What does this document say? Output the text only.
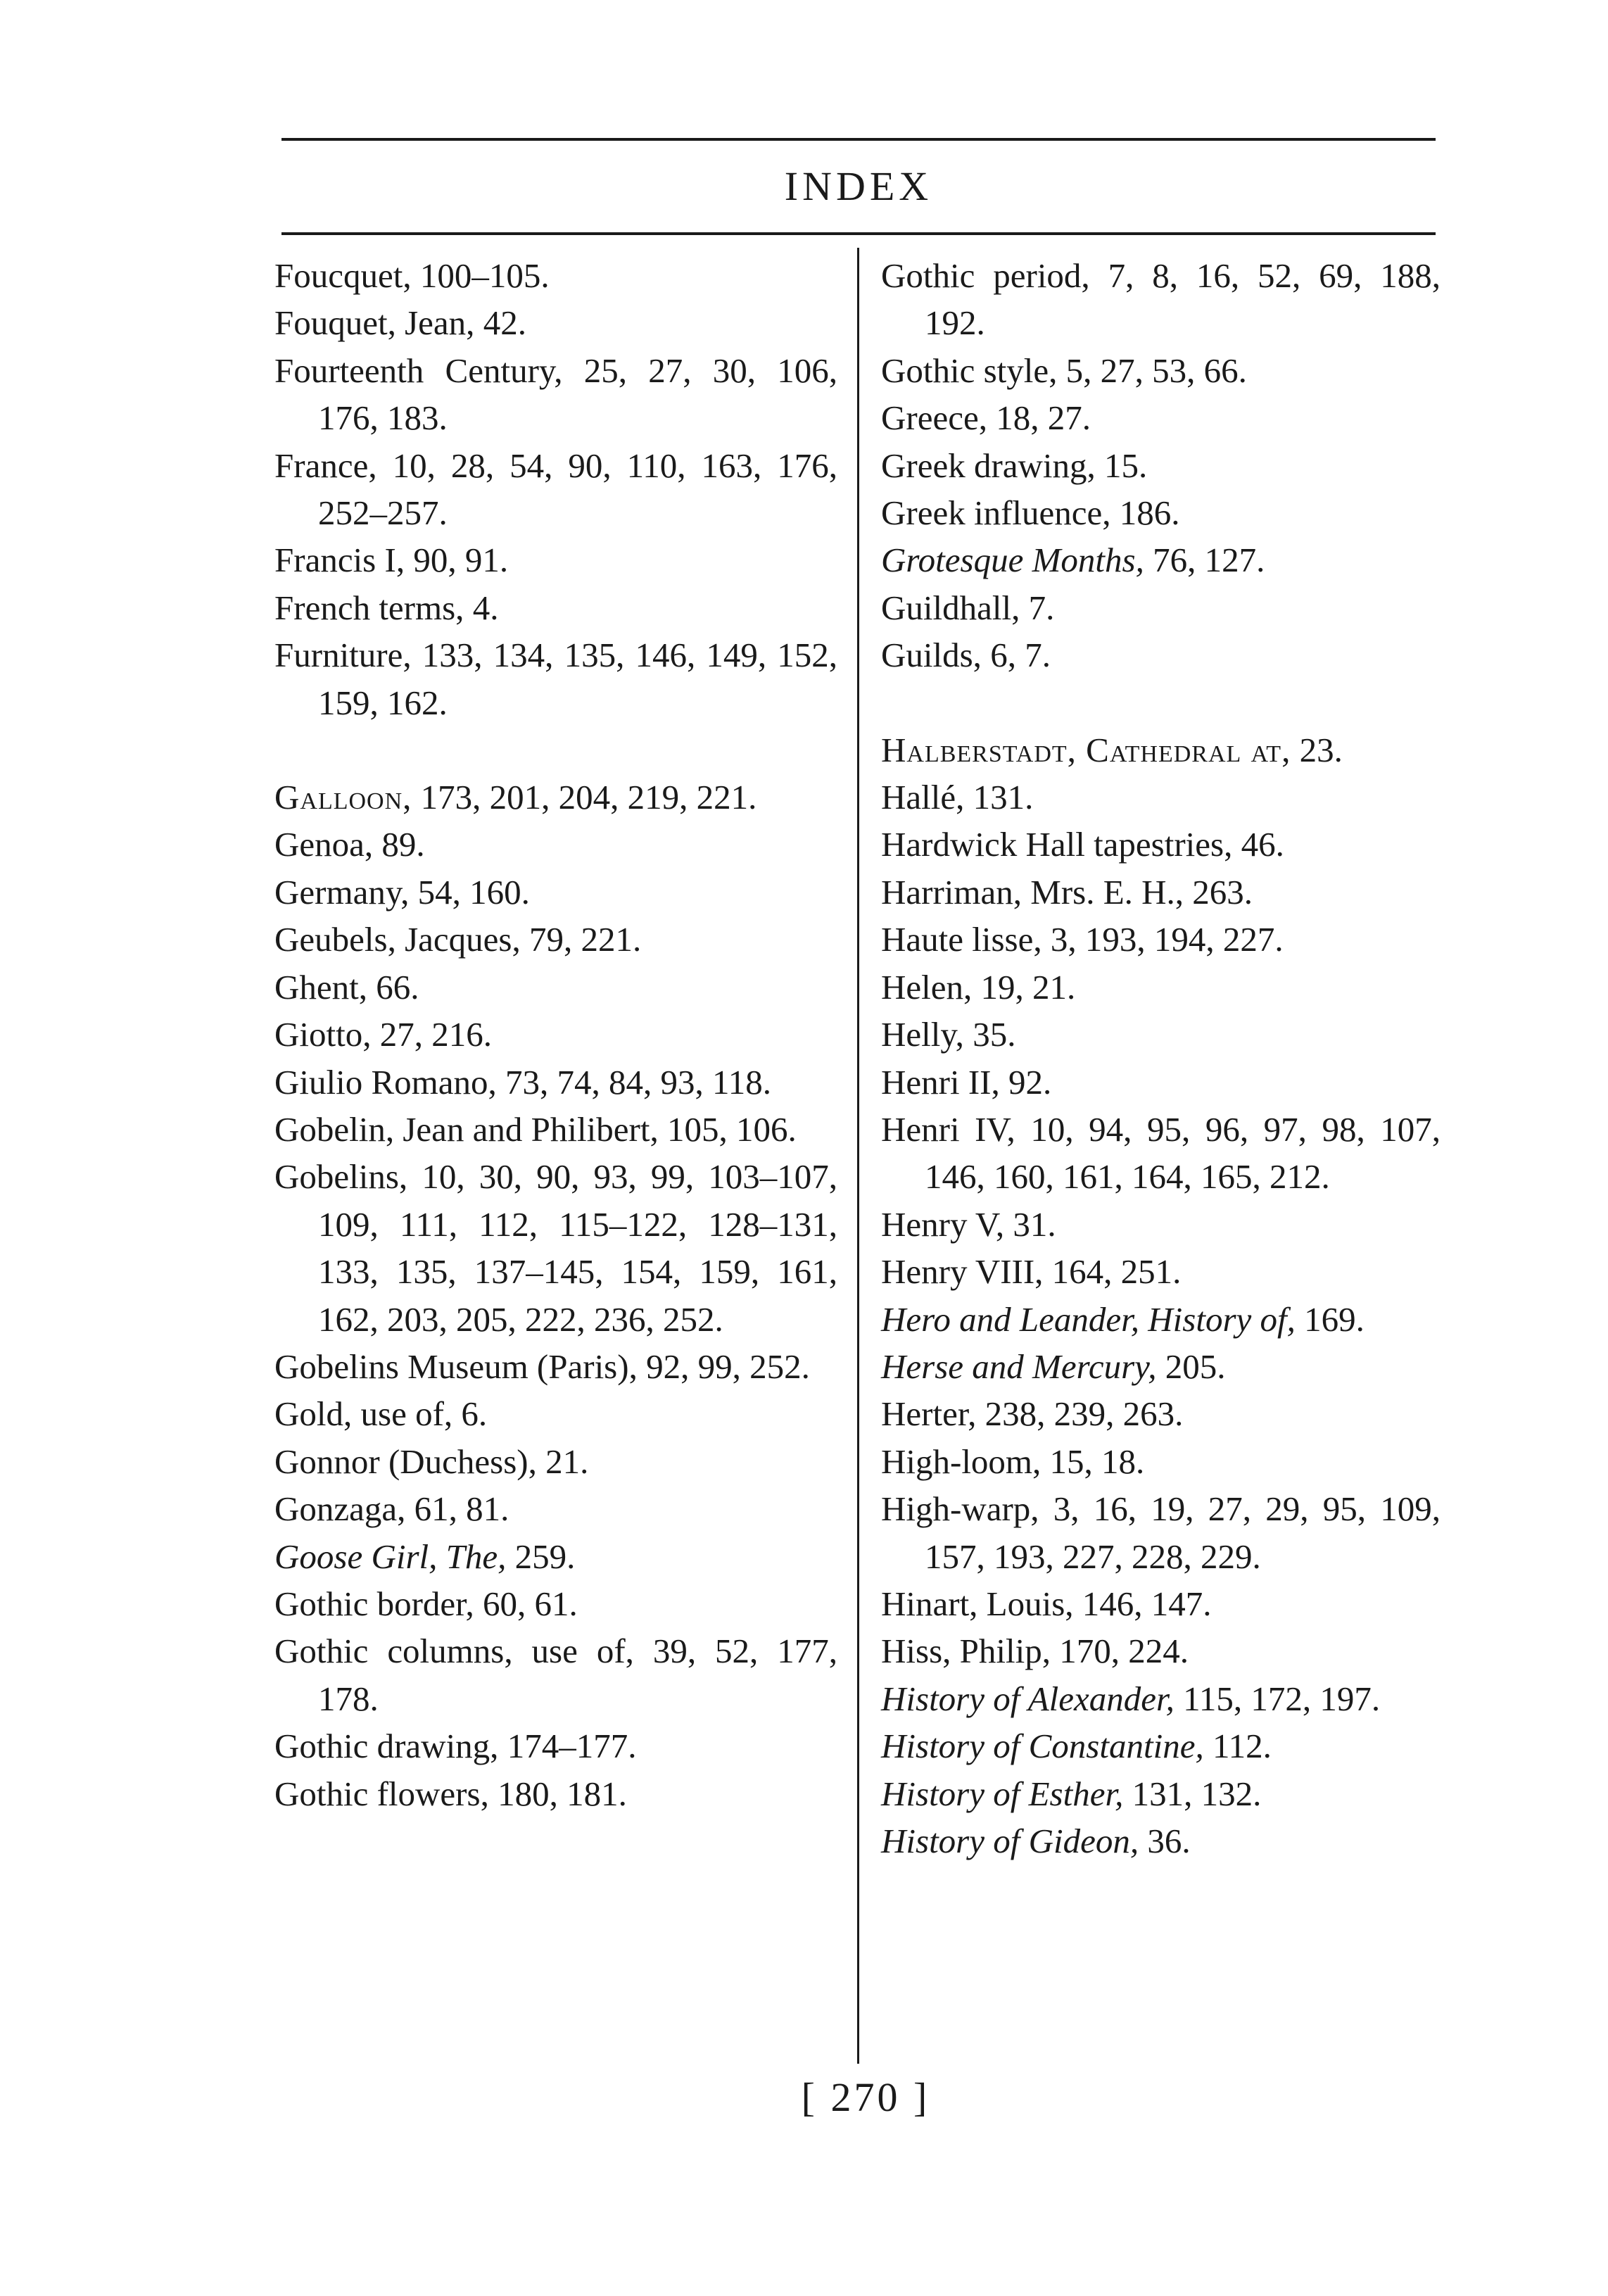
INDEX
Foucquet, 100–105.
Fouquet, Jean, 42.
Fourteenth Century, 25, 27, 30, 106, 176, 183.
France, 10, 28, 54, 90, 110, 163, 176, 252–257.
Francis I, 90, 91.
French terms, 4.
Furniture, 133, 134, 135, 146, 149, 152, 159, 162.
Galloon, 173, 201, 204, 219, 221.
Genoa, 89.
Germany, 54, 160.
Geubels, Jacques, 79, 221.
Ghent, 66.
Giotto, 27, 216.
Giulio Romano, 73, 74, 84, 93, 118.
Gobelin, Jean and Philibert, 105, 106.
Gobelins, 10, 30, 90, 93, 99, 103–107, 109, 111, 112, 115–122, 128–131, 133, 135, 137–145, 154, 159, 161, 162, 203, 205, 222, 236, 252.
Gobelins Museum (Paris), 92, 99, 252.
Gold, use of, 6.
Gonnor (Duchess), 21.
Gonzaga, 61, 81.
Goose Girl, The, 259.
Gothic border, 60, 61.
Gothic columns, use of, 39, 52, 177, 178.
Gothic drawing, 174–177.
Gothic flowers, 180, 181.
Gothic period, 7, 8, 16, 52, 69, 188, 192.
Gothic style, 5, 27, 53, 66.
Greece, 18, 27.
Greek drawing, 15.
Greek influence, 186.
Grotesque Months, 76, 127.
Guildhall, 7.
Guilds, 6, 7.
Halberstadt, Cathedral at, 23.
Hallé, 131.
Hardwick Hall tapestries, 46.
Harriman, Mrs. E. H., 263.
Haute lisse, 3, 193, 194, 227.
Helen, 19, 21.
Helly, 35.
Henri II, 92.
Henri IV, 10, 94, 95, 96, 97, 98, 107, 146, 160, 161, 164, 165, 212.
Henry V, 31.
Henry VIII, 164, 251.
Hero and Leander, History of, 169.
Herse and Mercury, 205.
Herter, 238, 239, 263.
High-loom, 15, 18.
High-warp, 3, 16, 19, 27, 29, 95, 109, 157, 193, 227, 228, 229.
Hinart, Louis, 146, 147.
Hiss, Philip, 170, 224.
History of Alexander, 115, 172, 197.
History of Constantine, 112.
History of Esther, 131, 132.
History of Gideon, 36.
[ 270 ]
